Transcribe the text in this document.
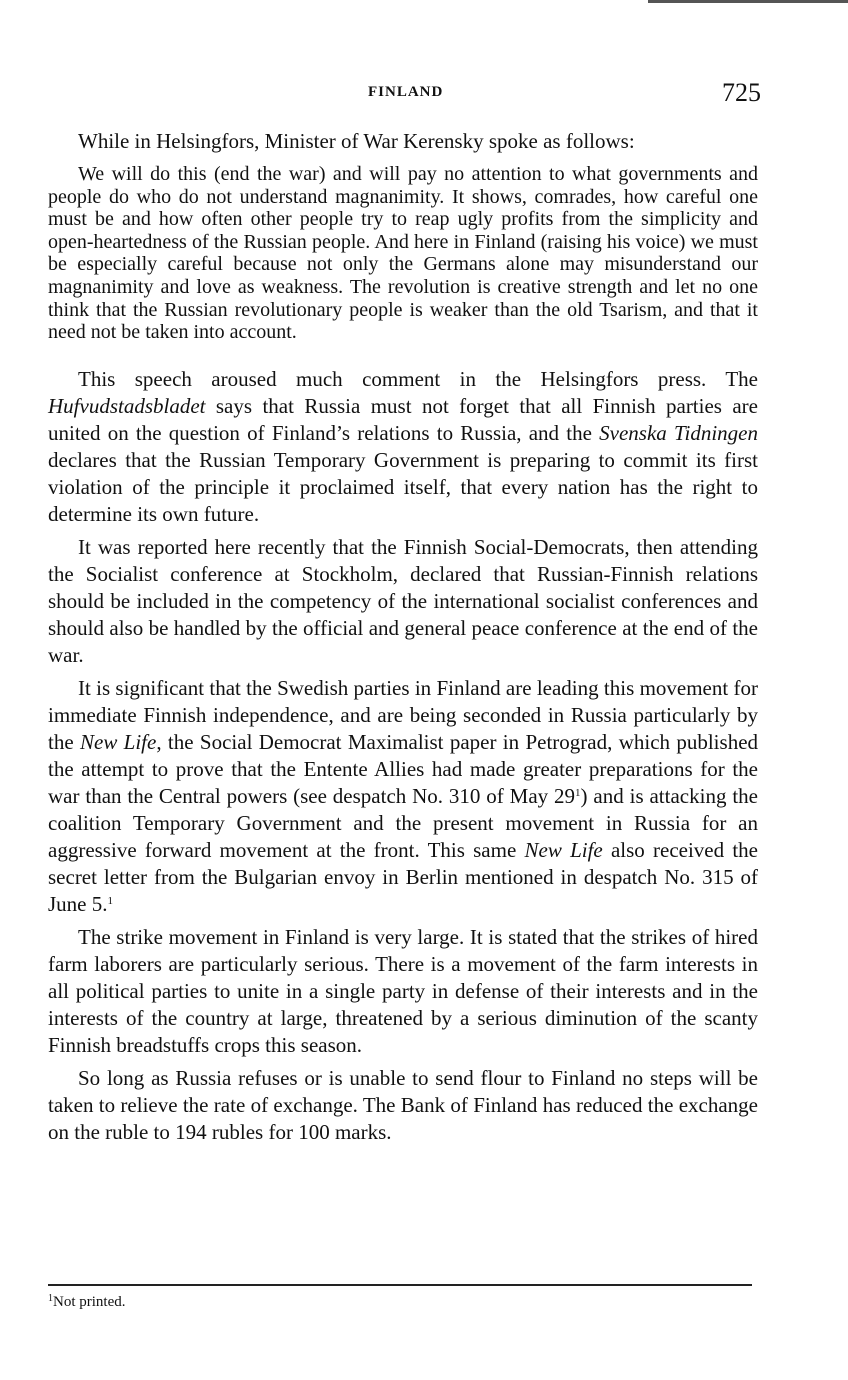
FINLAND	725

While in Helsingfors, Minister of War Kerensky spoke as follows:

We will do this (end the war) and will pay no attention to what governments and people do who do not understand magnanimity. It shows, comrades, how careful one must be and how often other people try to reap ugly profits from the simplicity and open-heartedness of the Russian people. And here in Finland (raising his voice) we must be especially careful because not only the Germans alone may misunderstand our magnanimity and love as weakness. The revolution is creative strength and let no one think that the Russian revolutionary people is weaker than the old Tsarism, and that it need not be taken into account.

This speech aroused much comment in the Helsingfors press. The Hufvudstadsbladet says that Russia must not forget that all Finnish parties are united on the question of Finland’s relations to Russia, and the Svenska Tidningen declares that the Russian Temporary Government is preparing to commit its first violation of the principle it proclaimed itself, that every nation has the right to determine its own future.

It was reported here recently that the Finnish Social-Democrats, then attending the Socialist conference at Stockholm, declared that Russian-Finnish relations should be included in the competency of the international socialist conferences and should also be handled by the official and general peace conference at the end of the war.

It is significant that the Swedish parties in Finland are leading this movement for immediate Finnish independence, and are being seconded in Russia particularly by the New Life, the Social Democrat Maximalist paper in Petrograd, which published the attempt to prove that the Entente Allies had made greater preparations for the war than the Central powers (see despatch No. 310 of May $29^1$) and is attacking the coalition Temporary Government and the present movement in Russia for an aggressive forward movement at the front. This same New Life also received the secret letter from the Bulgarian envoy in Berlin mentioned in despatch No. 315 of June 5.$^1$

The strike movement in Finland is very large. It is stated that the strikes of hired farm laborers are particularly serious. There is a movement of the farm interests in all political parties to unite in a single party in defense of their interests and in the interests of the country at large, threatened by a serious diminution of the scanty Finnish breadstuffs crops this season.

So long as Russia refuses or is unable to send flour to Finland no steps will be taken to relieve the rate of exchange. The Bank of Finland has reduced the exchange on the ruble to 194 rubles for 100 marks.

$^1$Not printed.
